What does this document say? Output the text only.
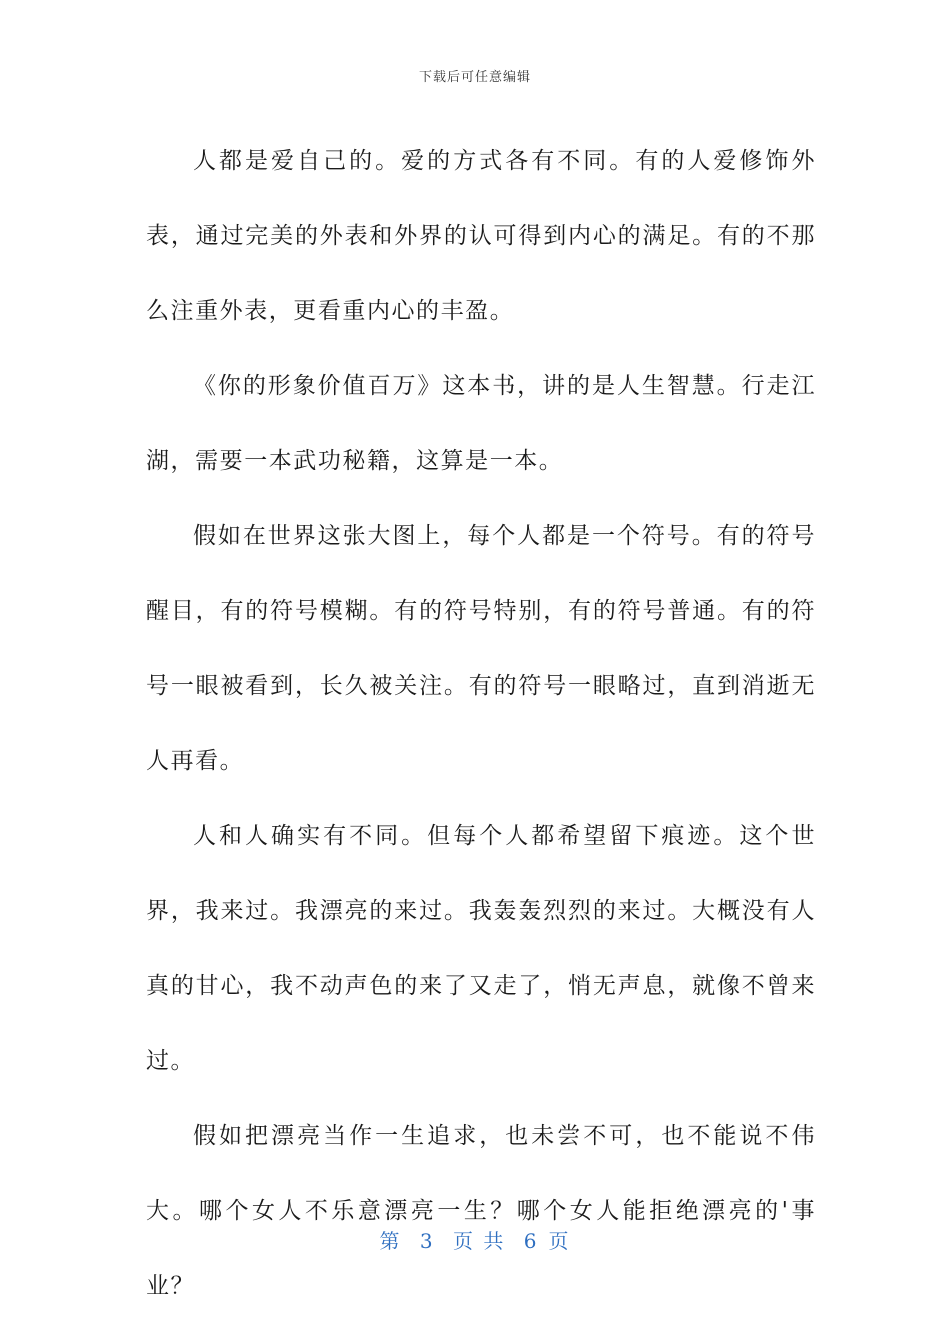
下载后可任意编辑

人都是爱自己的。爱的方式各有不同。有的人爱修饰外表，通过完美的外表和外界的认可得到内心的满足。有的不那么注重外表，更看重内心的丰盈。

《你的形象价值百万》这本书，讲的是人生智慧。行走江湖，需要一本武功秘籍，这算是一本。

假如在世界这张大图上，每个人都是一个符号。有的符号醒目，有的符号模糊。有的符号特别，有的符号普通。有的符号一眼被看到，长久被关注。有的符号一眼略过，直到消逝无人再看。

人和人确实有不同。但每个人都希望留下痕迹。这个世界，我来过。我漂亮的来过。我轰轰烈烈的来过。大概没有人真的甘心，我不动声色的来了又走了，悄无声息，就像不曾来过。

假如把漂亮当作一生追求，也未尝不可，也不能说不伟大。哪个女人不乐意漂亮一生？哪个女人能拒绝漂亮的'事业？

第 3 页 共 6 页
